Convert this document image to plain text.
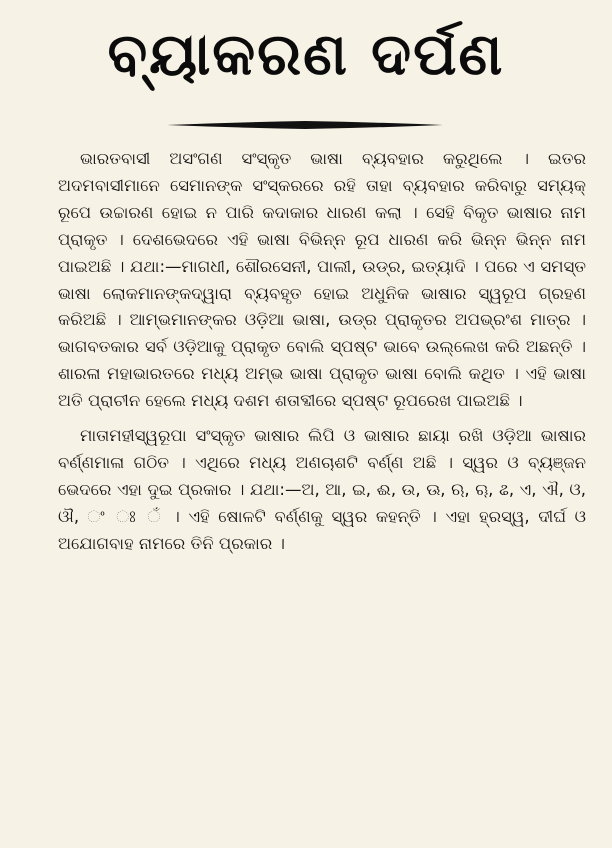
ବ୍ୟାକରଣ ଦର୍ପଣ

ଭାରତବାସୀ ଅସଂଗଣ ସଂସ୍କୃତ ଭାଷା ବ୍ୟବହାର କରୁଥିଲେ । ଇତର ଅଦମବାସୀମାନେ ସେମାନଙ୍କ ସଂସ୍କରରେ ରହି ତାହା ବ୍ୟବହାର କରିବାରୁ ସମ୍ୟକ୍ ରୂପେ ଉଚ୍ଚାରଣ ହୋଇ ନ ପାରି କଦାକାର ଧାରଣ କଲା । ସେହି ବିକୃତ ଭାଷାର ନାମ ପ୍ରାକୃତ । ଦେଶଭେଦରେ ଏହି ଭାଷା ବିଭିନ୍ନ ରୂପ ଧାରଣ କରି ଭିନ୍ନ ଭିନ୍ନ ନାମ ପାଇଅଛି । ଯଥା:—ମାଗଧୀ, ଶୌରସେନୀ, ପାଲୀ, ଉଡ୍ର, ଇତ୍ୟାଦି । ପରେ ଏ ସମସ୍ତ ଭାଷା ଲୋକମାନଙ୍କଦ୍ୱାରା ବ୍ୟବହୃତ ହୋଇ ଅଧୁନିକ ଭାଷାର ସ୍ୱରୂପ ଗ୍ରହଣ କରିଅଛି । ଆମ୍ଭମାନଙ୍କର ଓଡ଼ିଆ ଭାଷା, ଉଡ୍ର ପ୍ରାକୃତର ଅପଭ୍ରଂଶ ମାତ୍ର । ଭାଗବତକାର ସର୍ବ ଓଡ଼ିଆକୁ ପ୍ରାକୃତ ବୋଲି ସ୍ପଷ୍ଟ ଭାବେ ଉଲ୍ଲେଖ କରି ଅଛନ୍ତି । ଶାରଳା ମହାଭାରତରେ ମଧ୍ୟ ଅମ୍ଭ ଭାଷା ପ୍ରାକୃତ ଭାଷା ବୋଲି କଥିତ । ଏହି ଭାଷା ଅତି ପ୍ରାଚୀନ ହେଲେ ମଧ୍ୟ ଦଶମ ଶତାବ୍ଦୀରେ ସ୍ପଷ୍ଟ ରୂପରେଖ ପାଇଅଛି ।

ମାତାମହୀସ୍ୱରୂପା ସଂସ୍କୃତ ଭାଷାର ଲିପି ଓ ଭାଷାର ଛାୟା ରଖି ଓଡ଼ିଆ ଭାଷାର ବର୍ଣ୍ଣମାଳା ଗଠିତ । ଏଥିରେ ମଧ୍ୟ ଅଣଚାଶଟି ବର୍ଣ୍ଣ ଅଛି । ସ୍ୱର ଓ ବ୍ୟଞ୍ଜନ ଭେଦରେ ଏହା ଦୁଇ ପ୍ରକାର । ଯଥା:—ଅ, ଆ, ଇ, ଈ, ଉ, ଊ, ଋ, ୠ, ଌ, ଏ, ଐ, ଓ, ଔ, ଂ ଃ ଁ । ଏହି ଷୋଳଟି ବର୍ଣ୍ଣକୁ ସ୍ୱର କହନ୍ତି । ଏହା ହ୍ରସ୍ୱ, ଦୀର୍ଘ ଓ ଅଯୋଗବାହ ନାମରେ ତିନି ପ୍ରକାର ।
